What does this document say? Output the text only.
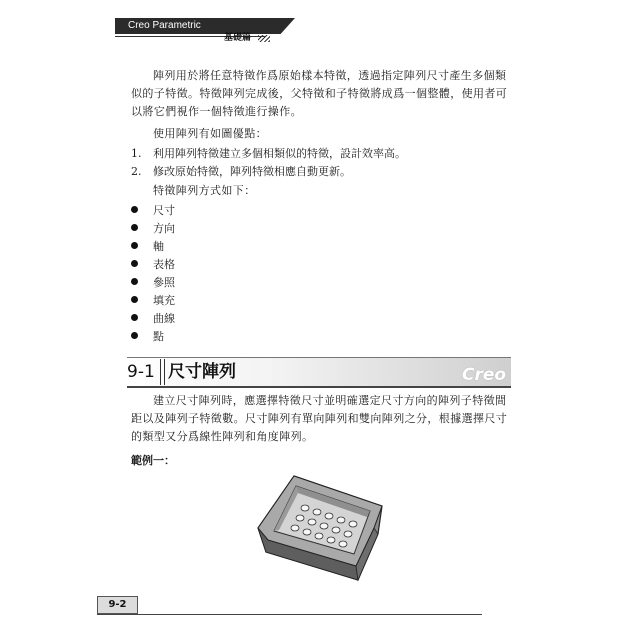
Creo Parametric
基礎篇

陣列用於將任意特徵作爲原始樣本特徵，透過指定陣列尺寸產生多個類似的子特徵。特徵陣列完成後，父特徵和子特徵將成爲一個整體，使用者可以將它們視作一個特徵進行操作。

使用陣列有如圖優點：

1. 利用陣列特徵建立多個相類似的特徵，設計效率高。
2. 修改原始特徵，陣列特徵相應自動更新。

特徵陣列方式如下：

尺寸
方向
軸
表格
參照
填充
曲線
點
9-1 尺寸陣列	Creo

建立尺寸陣列時，應選擇特徵尺寸並明確選定尺寸方向的陣列子特徵間距以及陣列子特徵數。尺寸陣列有單向陣列和雙向陣列之分，根據選擇尺寸的類型又分爲線性陣列和角度陣列。

範例一：
9-2
